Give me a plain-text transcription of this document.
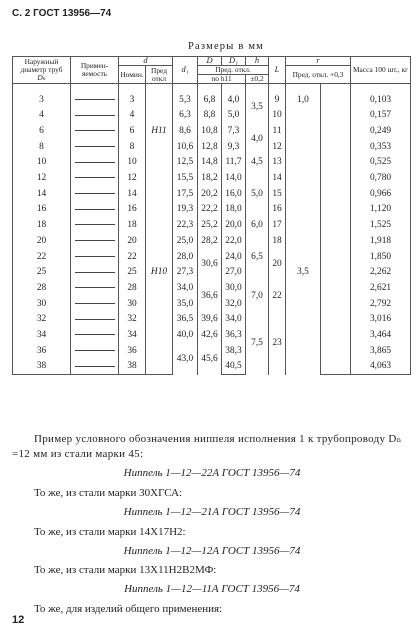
С. 2 ГОСТ 13956—74
Размеры в мм
Наружный диаметр труб
Dₙ	Применяемость	d		d₁	D	D₁	h	L	r		Масса 100 шт., кг
		Номин.	Пред откл		Пред. откл.				Пред. откл. +0,3		
					по h11		±0,2				

3		3		5,3	6,8	4,0	3,5	9	1,0		0,103
4		4		6,3	8,8	5,0		10			0,157
6		6	H11	8,6	10,8	7,3	4,0	11			0,249
8		8		10,6	12,8	9,3		12			0,353
10		10		12,5	14,8	11,7	4,5	13			0,525
12		12		15,5	18,2	14,0	5,0	14	3,5		0,780
14		14		17,5	20,2	16,0		15			0,966
16		16		19,3	22,2	18,0		16			1,120
18		18		22,3	25,2	20,0	6,0	17			1,525
20		20		25,0	28,2	22,0	6,5	18			1,918
22		22		28,0	30,6	24,0		20			1,850
25		25	H10	27,3		27,0					2,262
28		28		34,0	36,6	30,0	7,0	22			2,621
30		30		35,0		32,0					2,792
32		32		36,5	39,6	34,0	7,5	23			3,016
34		34		40,0	42,6	36,3					3,464
36		36		43,0	45,6	38,3					3,865
38		38				40,5					4,063
Пример условного обозначения ниппеля исполнения 1 к трубопроводу Dₙ =12 мм из стали марки 45:
Ниппель 1—12—22А ГОСТ 13956—74
То же, из стали марки 30ХГСА:
Ниппель 1—12—21А ГОСТ 13956—74
То же, из стали марки 14Х17Н2:
Ниппель 1—12—12А ГОСТ 13956—74
То же, из стали марки 13Х11Н2В2МФ:
Ниппель 1—12—11А ГОСТ 13956—74
То же, для изделий общего применения:
12
